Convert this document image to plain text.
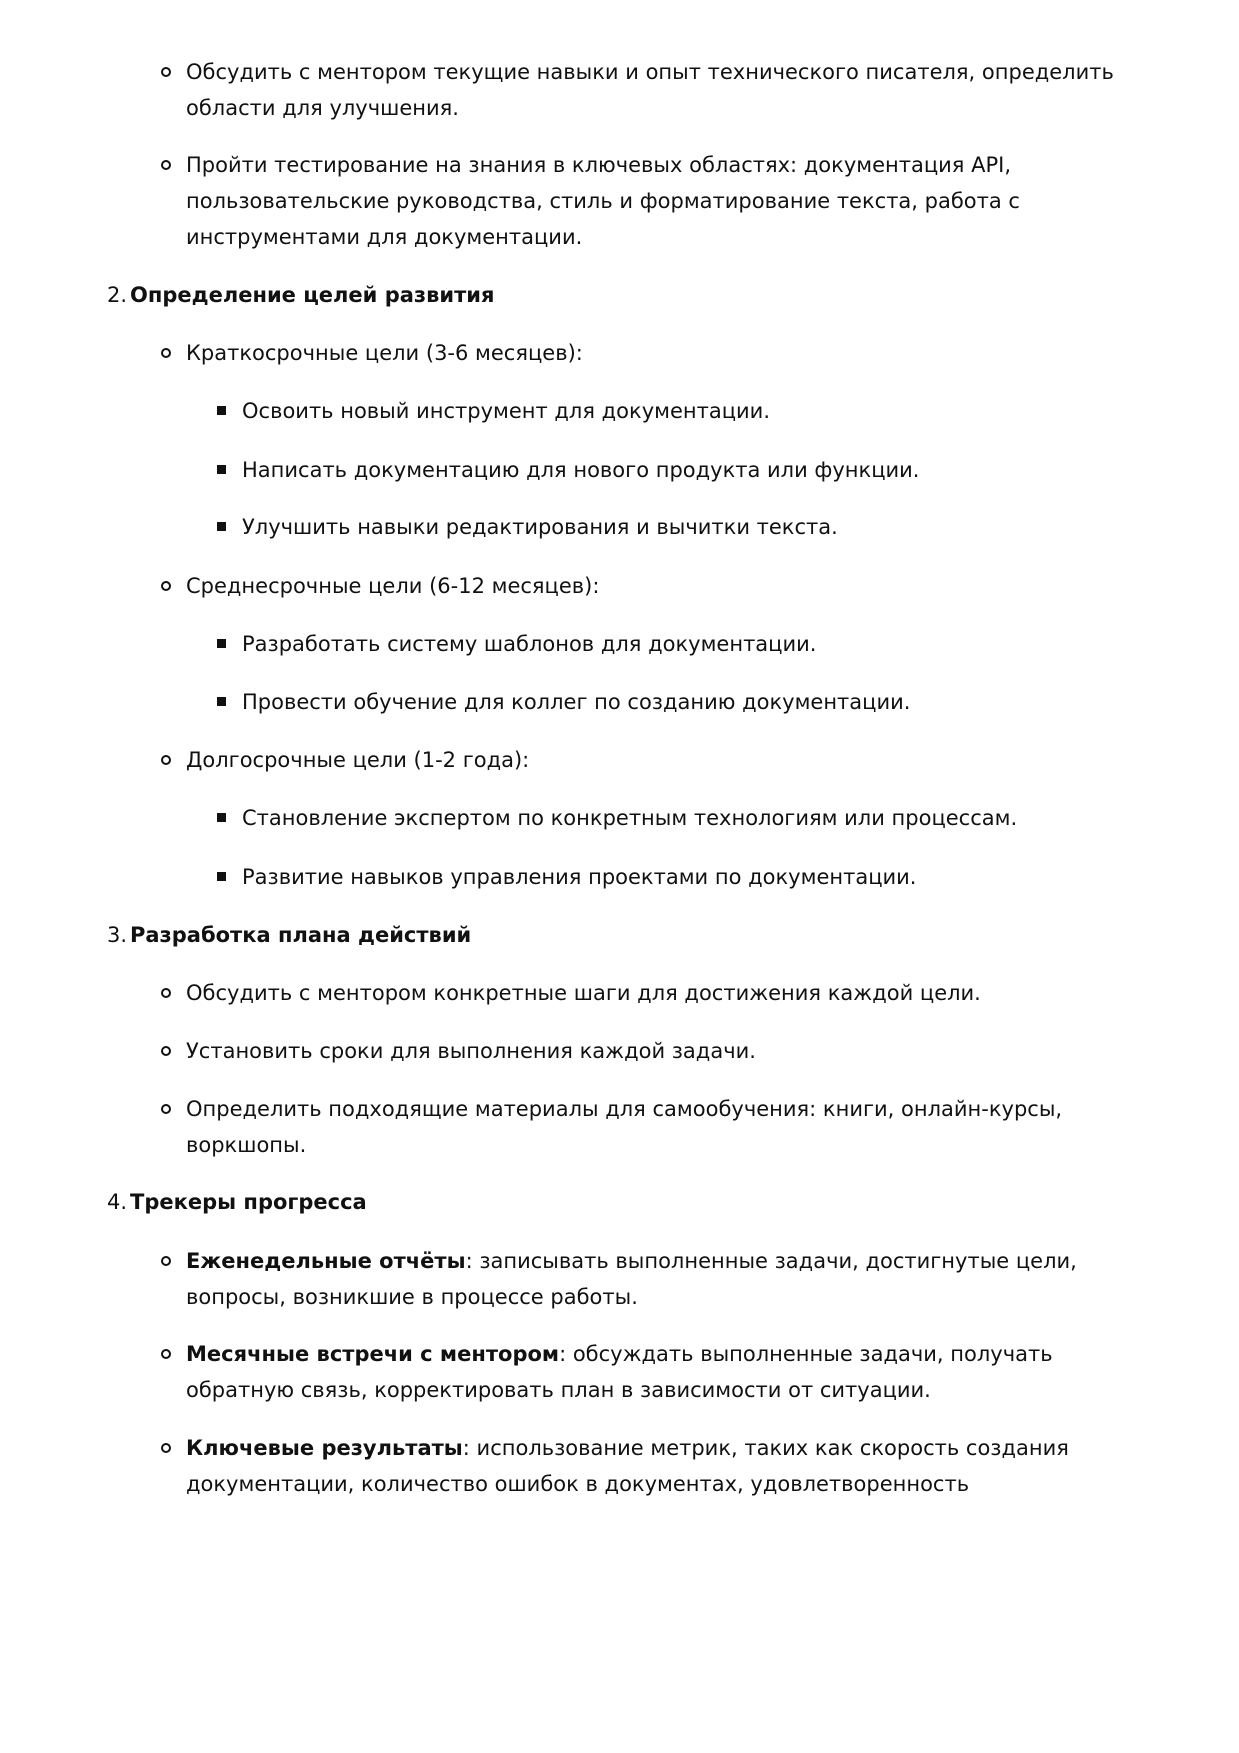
Обсудить с ментором текущие навыки и опыт технического писателя, определить
области для улучшения.
Пройти тестирование на знания в ключевых областях: документация API,
пользовательские руководства, стиль и форматирование текста, работа с
инструментами для документации.
2. Определение целей развития
Краткосрочные цели (3-6 месяцев):
Освоить новый инструмент для документации.
Написать документацию для нового продукта или функции.
Улучшить навыки редактирования и вычитки текста.
Среднесрочные цели (6-12 месяцев):
Разработать систему шаблонов для документации.
Провести обучение для коллег по созданию документации.
Долгосрочные цели (1-2 года):
Становление экспертом по конкретным технологиям или процессам.
Развитие навыков управления проектами по документации.
3. Разработка плана действий
Обсудить с ментором конкретные шаги для достижения каждой цели.
Установить сроки для выполнения каждой задачи.
Определить подходящие материалы для самообучения: книги, онлайн-курсы,
воркшопы.
4. Трекеры прогресса
Еженедельные отчёты: записывать выполненные задачи, достигнутые цели,
вопросы, возникшие в процессе работы.
Месячные встречи с ментором: обсуждать выполненные задачи, получать
обратную связь, корректировать план в зависимости от ситуации.
Ключевые результаты: использование метрик, таких как скорость создания
документации, количество ошибок в документах, удовлетворенность
